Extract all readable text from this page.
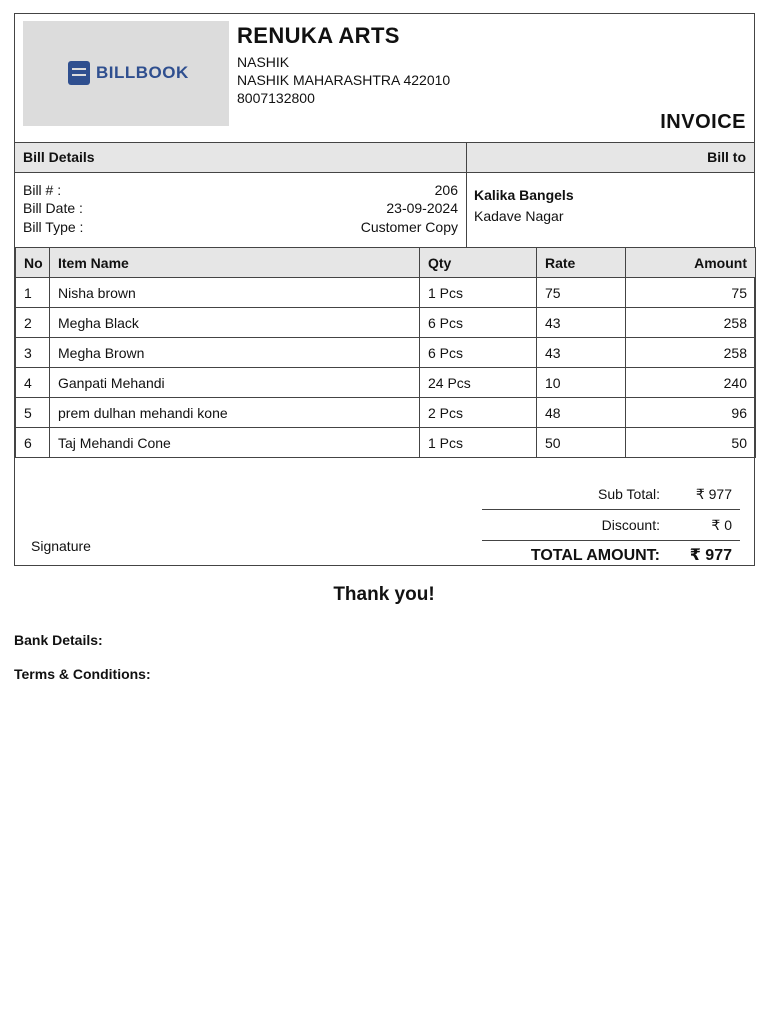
BILLBOOK
RENUKA ARTS
NASHIK
NASHIK MAHARASHTRA 422010
8007132800
INVOICE
Bill Details	Bill to
Bill # :	206
Bill Date :	23-09-2024
Bill Type :	Customer Copy
Kalika Bangels
Kadave Nagar
No	Item Name	Qty	Rate	Amount
1	Nisha brown	1 Pcs	75	75
2	Megha Black	6 Pcs	43	258
3	Megha Brown	6 Pcs	43	258
4	Ganpati Mehandi	24 Pcs	10	240
5	prem dulhan mehandi kone	2 Pcs	48	96
6	Taj Mehandi Cone	1 Pcs	50	50
Sub Total:	₹ 977
Discount:	₹ 0
TOTAL AMOUNT: ₹ 977
Signature
Thank you!
Bank Details:
Terms & Conditions:
